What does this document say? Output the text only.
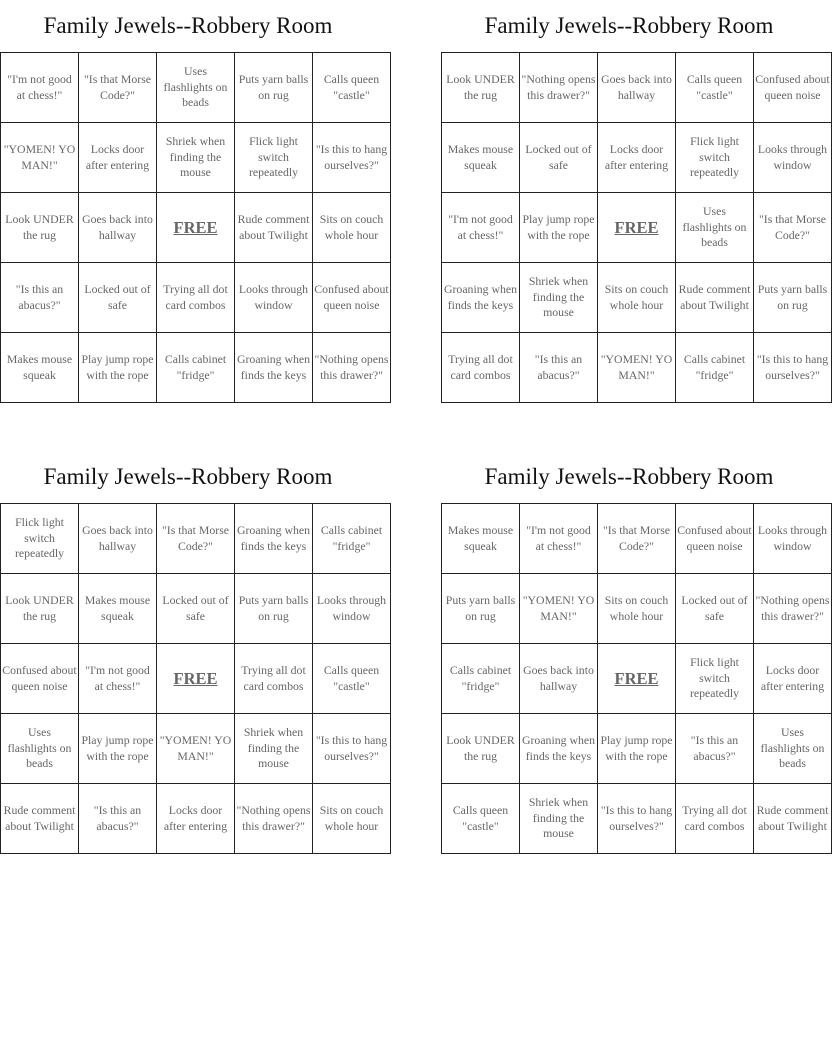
Family Jewels--Robbery Room
"I'm not good at chess!"	"Is that Morse Code?"	Uses flashlights on beads	Puts yarn balls on rug	Calls queen "castle"
"YOMEN! YO MAN!"	Locks door after entering	Shriek when finding the mouse	Flick light switch repeatedly	"Is this to hang ourselves?"
Look UNDER the rug	Goes back into hallway	FREE	Rude comment about Twilight	Sits on couch whole hour
"Is this an abacus?"	Locked out of safe	Trying all dot card combos	Looks through window	Confused about queen noise
Makes mouse squeak	Play jump rope with the rope	Calls cabinet "fridge"	Groaning when finds the keys	"Nothing opens this drawer?"
Family Jewels--Robbery Room
Look UNDER the rug	"Nothing opens this drawer?"	Goes back into hallway	Calls queen "castle"	Confused about queen noise
Makes mouse squeak	Locked out of safe	Locks door after entering	Flick light switch repeatedly	Looks through window
"I'm not good at chess!"	Play jump rope with the rope	FREE	Uses flashlights on beads	"Is that Morse Code?"
Groaning when finds the keys	Shriek when finding the mouse	Sits on couch whole hour	Rude comment about Twilight	Puts yarn balls on rug
Trying all dot card combos	"Is this an abacus?"	"YOMEN! YO MAN!"	Calls cabinet "fridge"	"Is this to hang ourselves?"
Family Jewels--Robbery Room
Flick light switch repeatedly	Goes back into hallway	"Is that Morse Code?"	Groaning when finds the keys	Calls cabinet "fridge"
Look UNDER the rug	Makes mouse squeak	Locked out of safe	Puts yarn balls on rug	Looks through window
Confused about queen noise	"I'm not good at chess!"	FREE	Trying all dot card combos	Calls queen "castle"
Uses flashlights on beads	Play jump rope with the rope	"YOMEN! YO MAN!"	Shriek when finding the mouse	"Is this to hang ourselves?"
Rude comment about Twilight	"Is this an abacus?"	Locks door after entering	"Nothing opens this drawer?"	Sits on couch whole hour
Family Jewels--Robbery Room
Makes mouse squeak	"I'm not good at chess!"	"Is that Morse Code?"	Confused about queen noise	Looks through window
Puts yarn balls on rug	"YOMEN! YO MAN!"	Sits on couch whole hour	Locked out of safe	"Nothing opens this drawer?"
Calls cabinet "fridge"	Goes back into hallway	FREE	Flick light switch repeatedly	Locks door after entering
Look UNDER the rug	Groaning when finds the keys	Play jump rope with the rope	"Is this an abacus?"	Uses flashlights on beads
Calls queen "castle"	Shriek when finding the mouse	"Is this to hang ourselves?"	Trying all dot card combos	Rude comment about Twilight
